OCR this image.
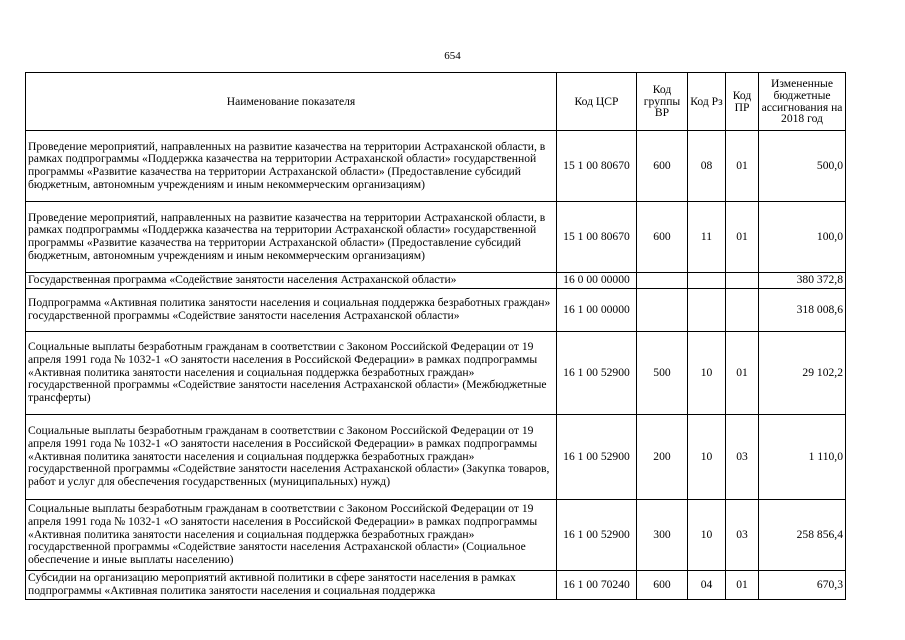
654
Наименование показателя	Код ЦСР	Код группы ВР	Код Рз	Код ПР	Измененные бюджетные ассигнования на 2018 год
Проведение мероприятий, направленных на развитие казачества на территории Астраханской области, в рамках подпрограммы «Поддержка казачества на территории Астраханской области» государственной программы «Развитие казачества на территории Астраханской области» (Предоставление субсидий бюджетным, автономным учреждениям и иным некоммерческим организациям)	15 1 00 80670	600	08	01	500,0
Проведение мероприятий, направленных на развитие казачества на территории Астраханской области, в рамках подпрограммы «Поддержка казачества на территории Астраханской области» государственной программы «Развитие казачества на территории Астраханской области» (Предоставление субсидий бюджетным, автономным учреждениям и иным некоммерческим организациям)	15 1 00 80670	600	11	01	100,0
Государственная программа «Содействие занятости населения Астраханской области»	16 0 00 00000				380 372,8
Подпрограмма «Активная политика занятости населения и социальная поддержка безработных граждан» государственной программы «Содействие занятости населения Астраханской области»	16 1 00 00000				318 008,6
Социальные выплаты безработным гражданам в соответствии с Законом Российской Федерации от 19 апреля 1991 года № 1032-1 «О занятости населения в Российской Федерации» в рамках подпрограммы «Активная политика занятости населения и социальная поддержка безработных граждан» государственной программы «Содействие занятости населения Астраханской области» (Межбюджетные трансферты)	16 1 00 52900	500	10	01	29 102,2
Социальные выплаты безработным гражданам в соответствии с Законом Российской Федерации от 19 апреля 1991 года № 1032-1 «О занятости населения в Российской Федерации» в рамках подпрограммы «Активная политика занятости населения и социальная поддержка безработных граждан» государственной программы «Содействие занятости населения Астраханской области» (Закупка товаров, работ и услуг для обеспечения государственных (муниципальных) нужд)	16 1 00 52900	200	10	03	1 110,0
Социальные выплаты безработным гражданам в соответствии с Законом Российской Федерации от 19 апреля 1991 года № 1032-1 «О занятости населения в Российской Федерации» в рамках подпрограммы «Активная политика занятости населения и социальная поддержка безработных граждан» государственной программы «Содействие занятости населения Астраханской области» (Социальное обеспечение и иные выплаты населению)	16 1 00 52900	300	10	03	258 856,4
Субсидии на организацию мероприятий активной политики в сфере занятости населения в рамках подпрограммы «Активная политика занятости населения и социальная поддержка	16 1 00 70240	600	04	01	670,3
